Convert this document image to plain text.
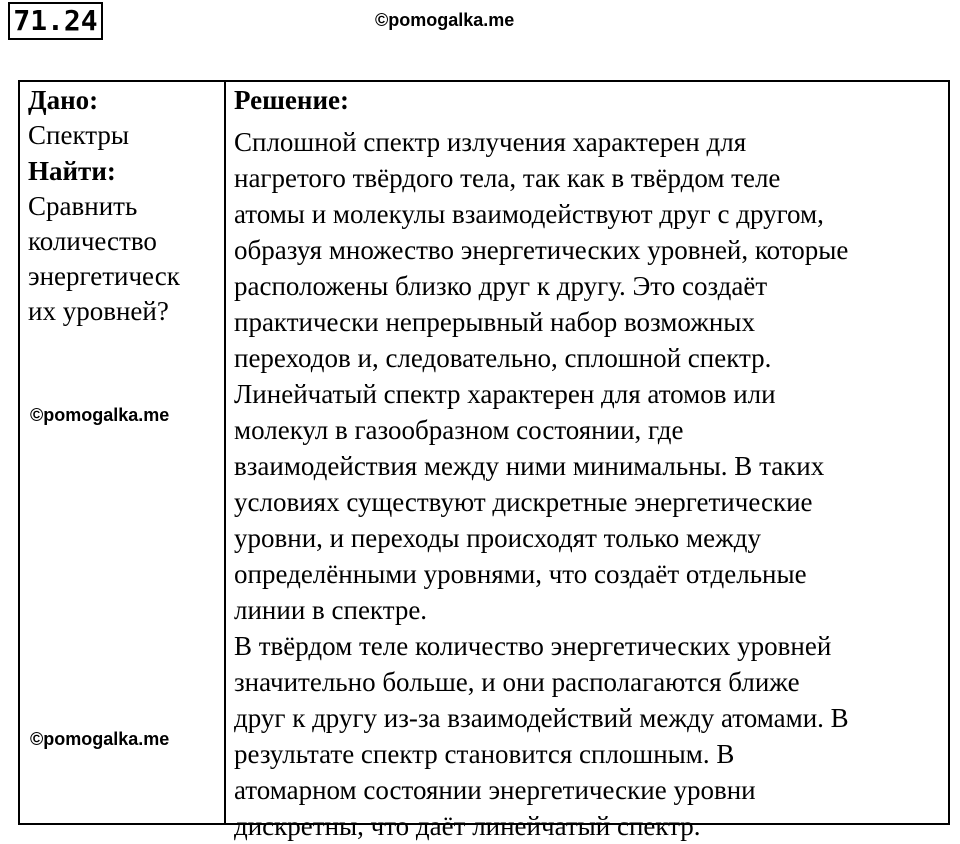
71.24	©pomogalka.me
Дано:
Спектры
Найти:
Сравнить
количество
энергетическ
их уровней?
©pomogalka.me
©pomogalka.me
Решение:
Сплошной спектр излучения характерен для
нагретого твёрдого тела, так как в твёрдом теле
атомы и молекулы взаимодействуют друг с другом,
образуя множество энергетических уровней, которые
расположены близко друг к другу. Это создаёт
практически непрерывный набор возможных
переходов и, следовательно, сплошной спектр.
Линейчатый спектр характерен для атомов или
молекул в газообразном состоянии, где
взаимодействия между ними минимальны. В таких
условиях существуют дискретные энергетические
уровни, и переходы происходят только между
определёнными уровнями, что создаёт отдельные
линии в спектре.
В твёрдом теле количество энергетических уровней
значительно больше, и они располагаются ближе
друг к другу из-за взаимодействий между атомами. В
результате спектр становится сплошным. В
атомарном состоянии энергетические уровни
дискретны, что даёт линейчатый спектр.
